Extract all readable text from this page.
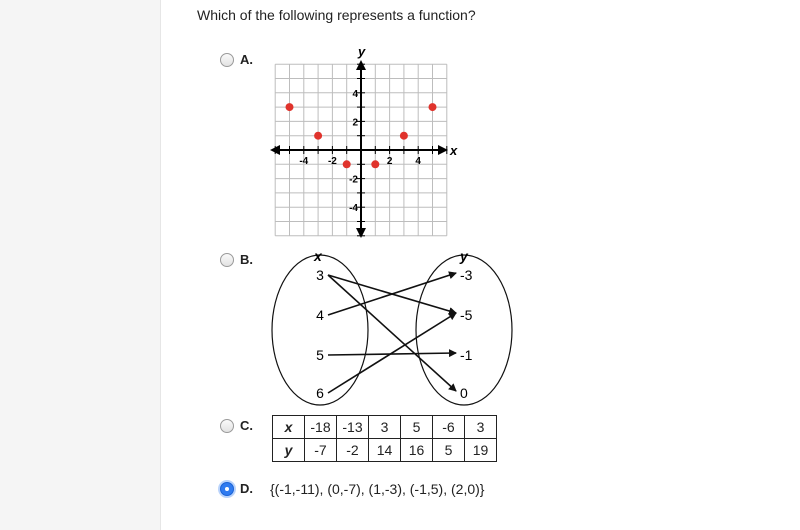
Which of the following represents a function?
A.
x
y
-4 -2	2 4
4
2
-2
-4
B.	x	y
3
4
5
6
-3
-5
-1
0
C. x	-18	-13	3	5	-6	3
y	-7	-2	14	16	5	19
D. {(-1,-11), (0,-7), (1,-3), (-1,5), (2,0)}
